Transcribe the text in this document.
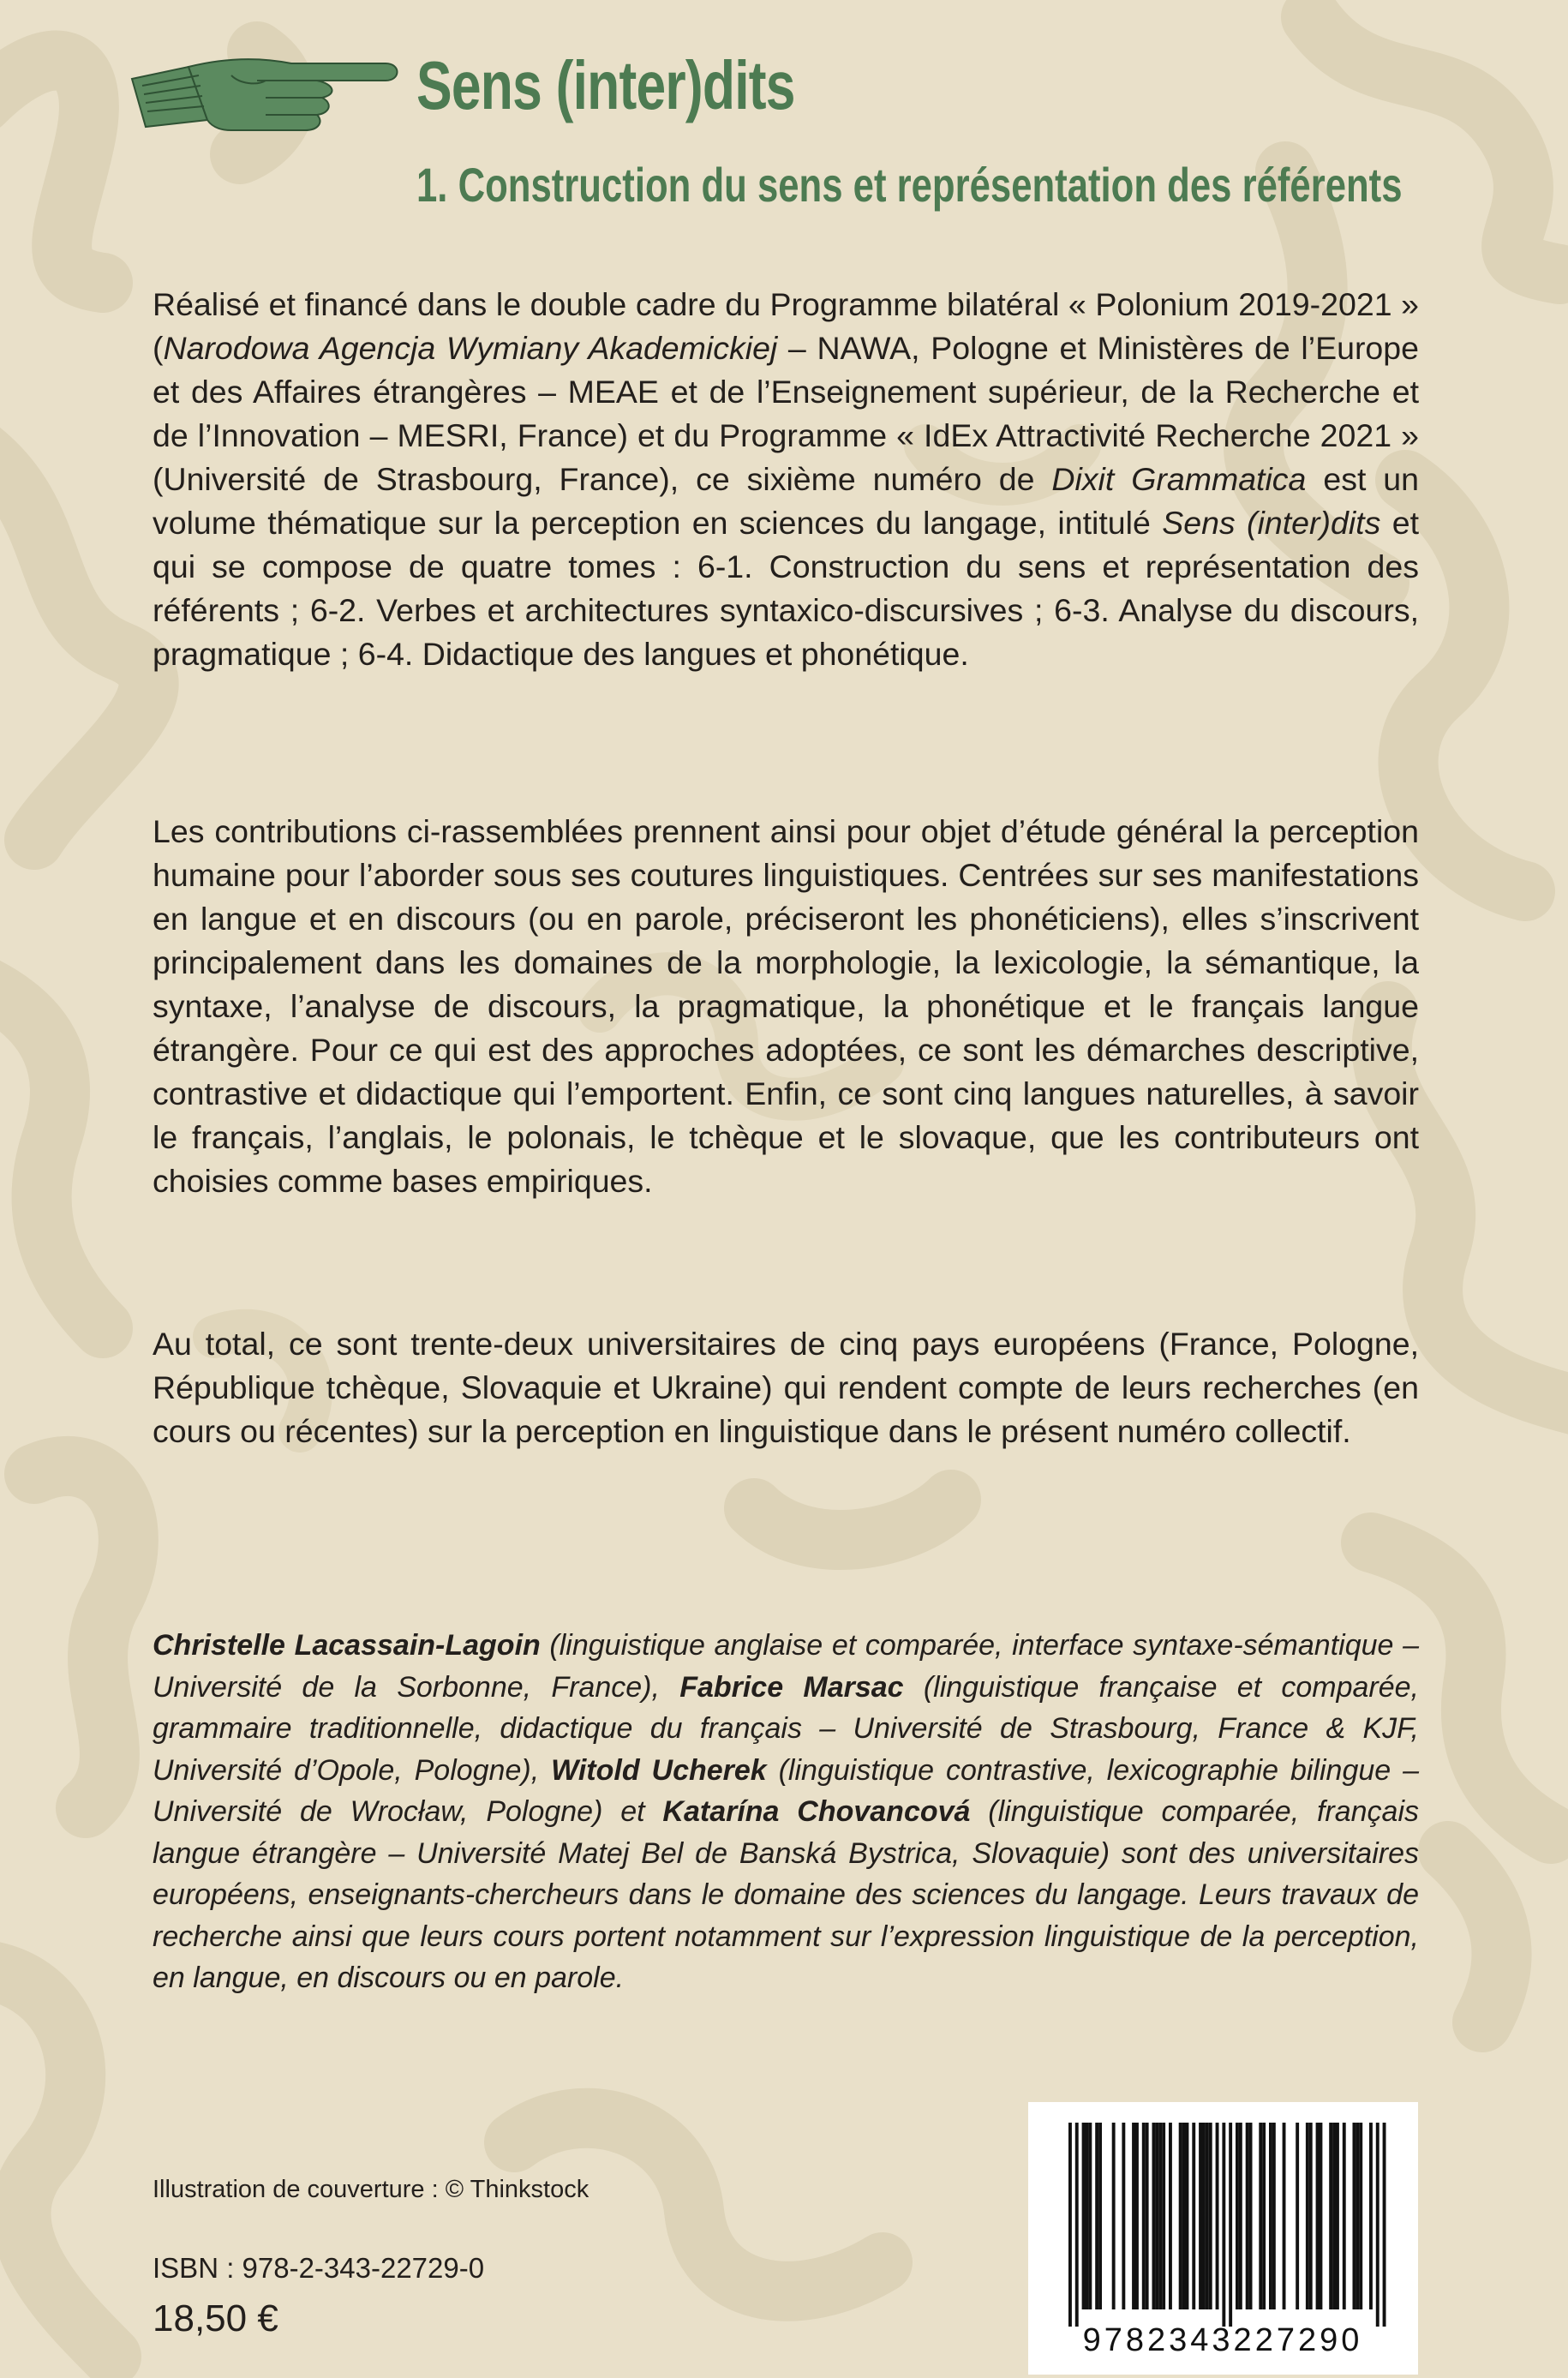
Sens (inter)dits
1. Construction du sens et représentation des référents

Réalisé et financé dans le double cadre du Programme bilatéral « Polonium 2019-2021 » (Narodowa Agencja Wymiany Akademickiej – NAWA, Pologne et Ministères de l’Europe et des Affaires étrangères – MEAE et de l’Enseignement supérieur, de la Recherche et de l’Innovation – MESRI, France) et du Programme « IdEx Attractivité Recherche 2021 » (Université de Strasbourg, France), ce sixième numéro de Dixit Grammatica est un volume thématique sur la perception en sciences du langage, intitulé Sens (inter)dits et qui se compose de quatre tomes : 6-1. Construction du sens et représentation des référents ; 6-2. Verbes et architectures syntaxico-discursives ; 6-3. Analyse du discours, pragmatique ; 6-4. Didactique des langues et phonétique.

Les contributions ci-rassemblées prennent ainsi pour objet d’étude général la perception humaine pour l’aborder sous ses coutures linguistiques. Centrées sur ses manifestations en langue et en discours (ou en parole, préciseront les phonéticiens), elles s’inscrivent principalement dans les domaines de la morphologie, la lexicologie, la sémantique, la syntaxe, l’analyse de discours, la pragmatique, la phonétique et le français langue étrangère. Pour ce qui est des approches adoptées, ce sont les démarches descriptive, contrastive et didactique qui l’emportent. Enfin, ce sont cinq langues naturelles, à savoir le français, l’anglais, le polonais, le tchèque et le slovaque, que les contributeurs ont choisies comme bases empiriques.

Au total, ce sont trente-deux universitaires de cinq pays européens (France, Pologne, République tchèque, Slovaquie et Ukraine) qui rendent compte de leurs recherches (en cours ou récentes) sur la perception en linguistique dans le présent numéro collectif.

Christelle Lacassain-Lagoin (linguistique anglaise et comparée, interface syntaxe-sémantique – Université de la Sorbonne, France), Fabrice Marsac (linguistique française et comparée, grammaire traditionnelle, didactique du français – Université de Strasbourg, France & KJF, Université d’Opole, Pologne), Witold Ucherek (linguistique contrastive, lexicographie bilingue – Université de Wrocław, Pologne) et Katarína Chovancová (linguistique comparée, français langue étrangère – Université Matej Bel de Banská Bystrica, Slovaquie) sont des universitaires européens, enseignants-chercheurs dans le domaine des sciences du langage. Leurs travaux de recherche ainsi que leurs cours portent notamment sur l’expression linguistique de la perception, en langue, en discours ou en parole.

Illustration de couverture : © Thinkstock
ISBN : 978-2-343-22729-0
18,50 €
9782343227290
